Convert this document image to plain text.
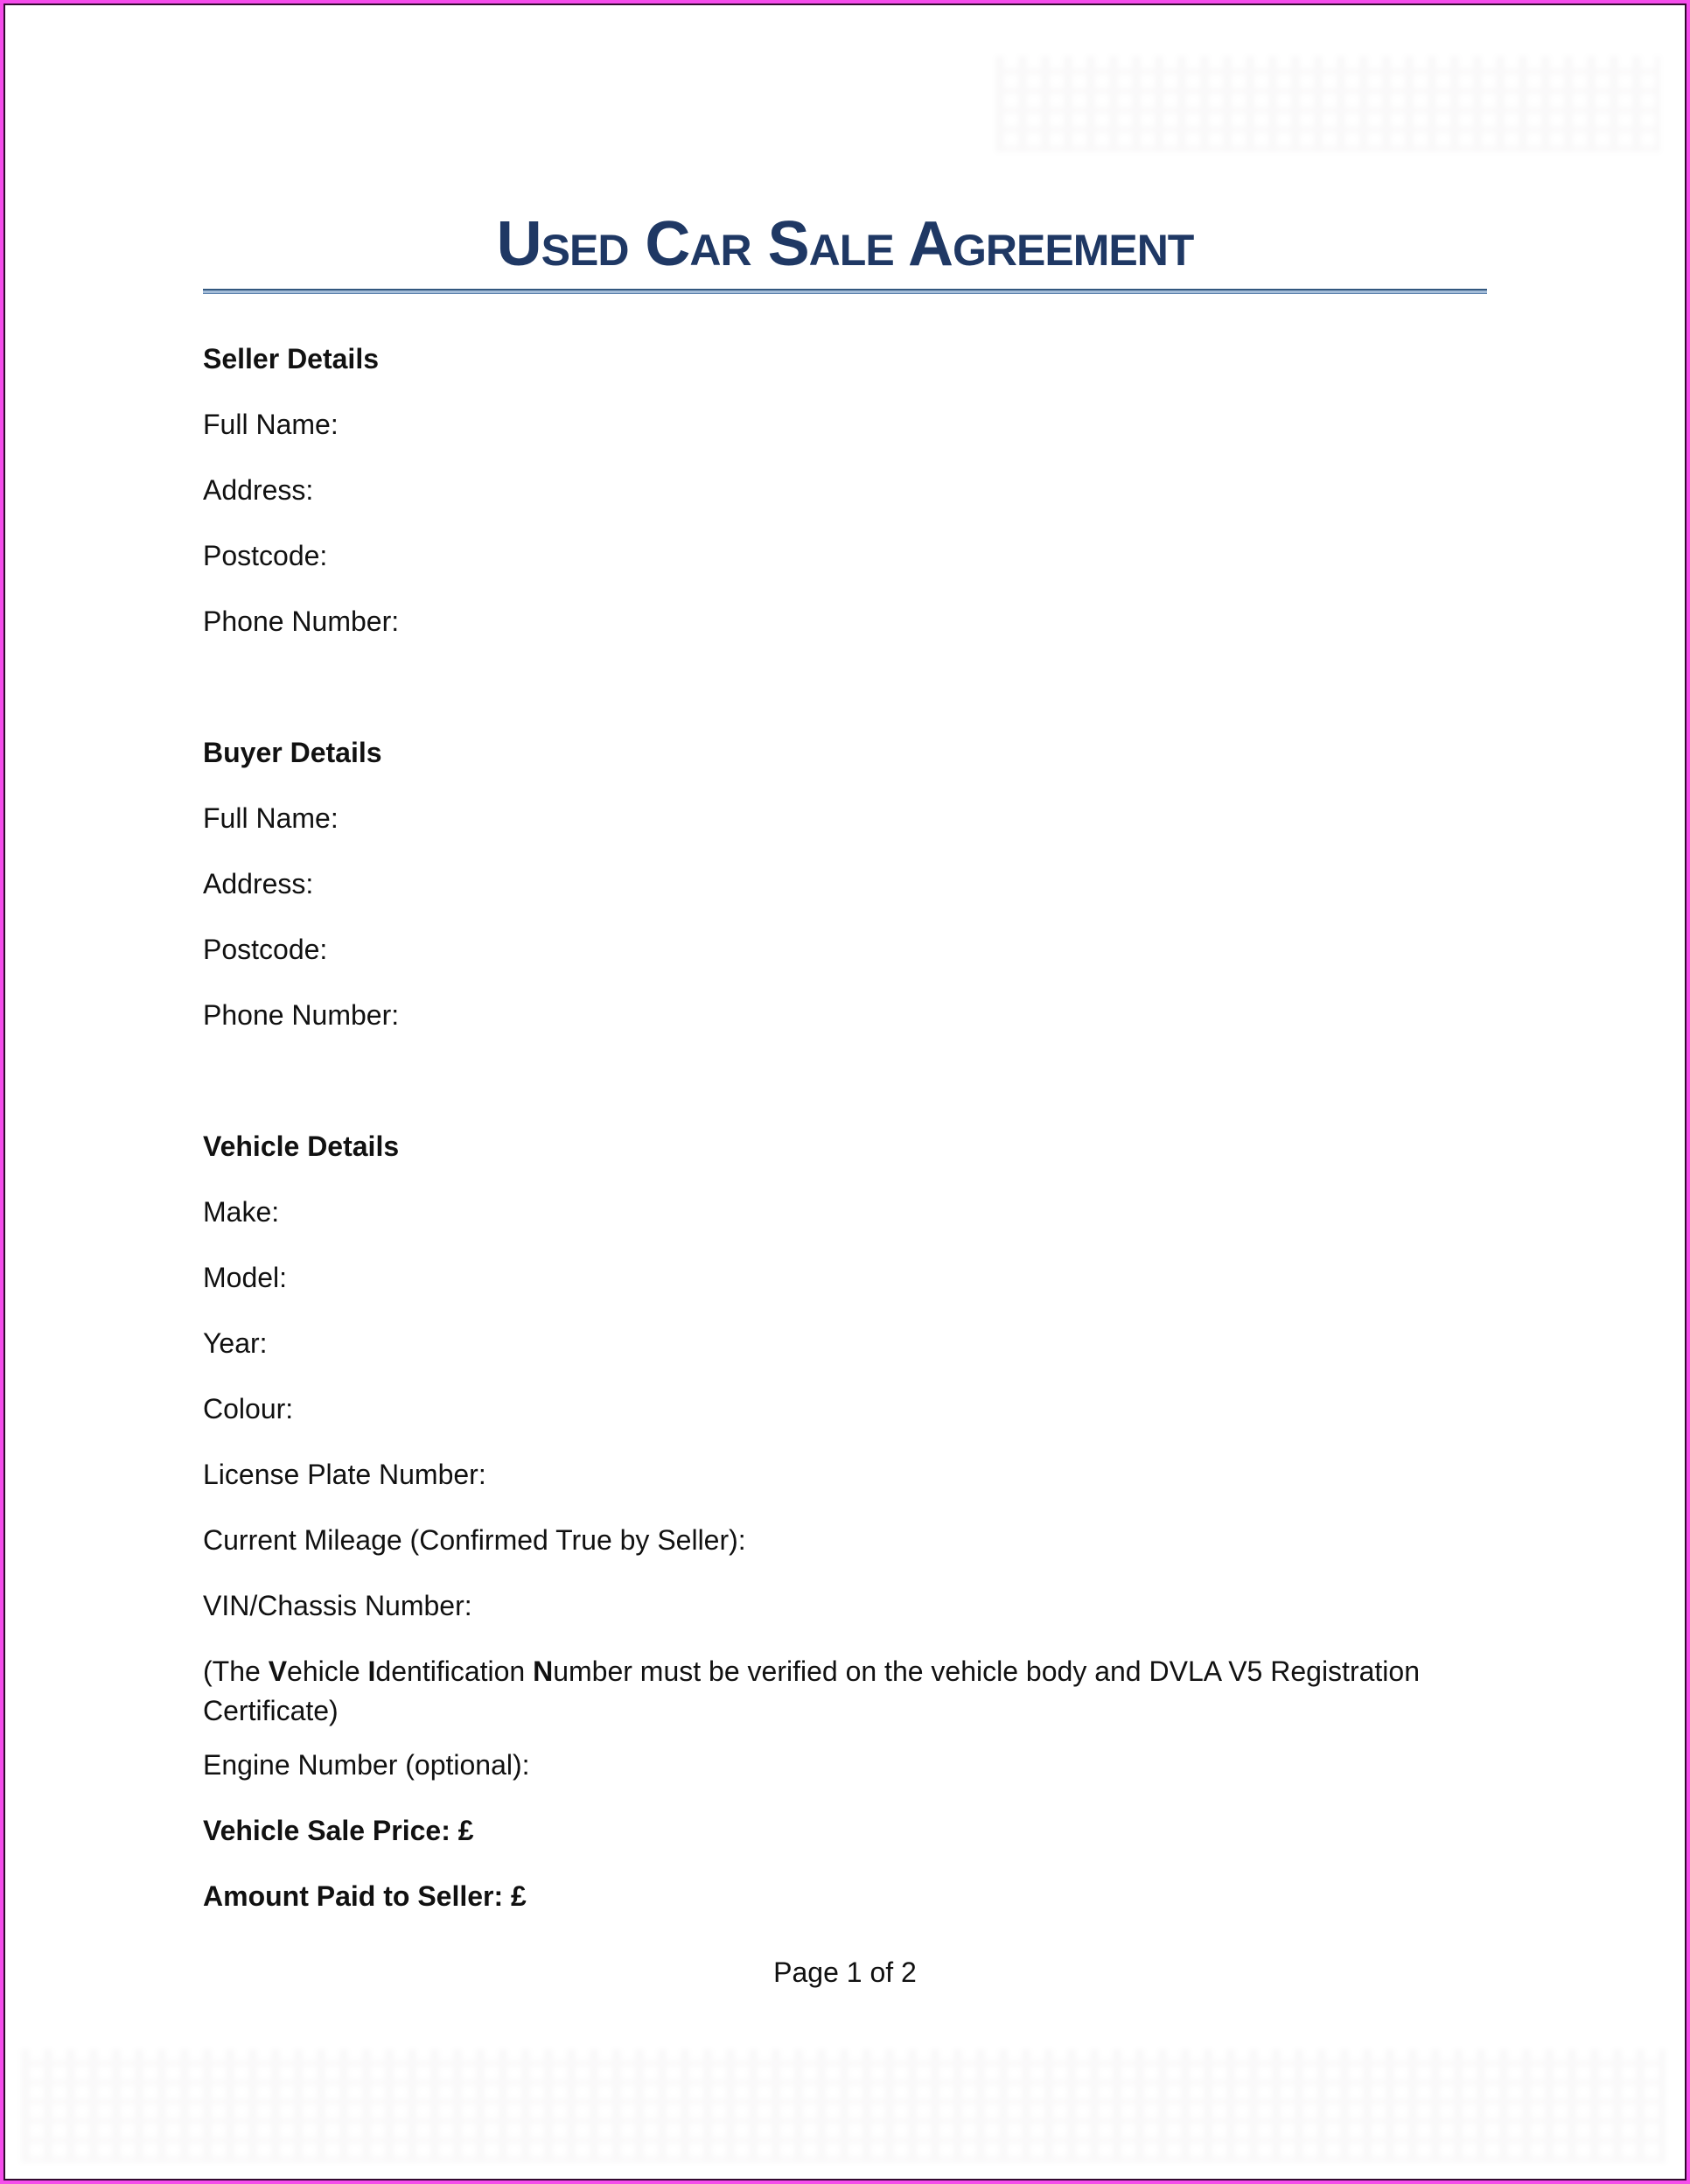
Used Car Sale Agreement
Seller Details
Full Name:
Address:
Postcode:
Phone Number:
Buyer Details
Full Name:
Address:
Postcode:
Phone Number:
Vehicle Details
Make:
Model:
Year:
Colour:
License Plate Number:
Current Mileage (Confirmed True by Seller):
VIN/Chassis Number:
(The Vehicle Identification Number must be verified on the vehicle body and DVLA V5 Registration Certificate)
Engine Number (optional):
Vehicle Sale Price: £
Amount Paid to Seller: £
Page 1 of 2
